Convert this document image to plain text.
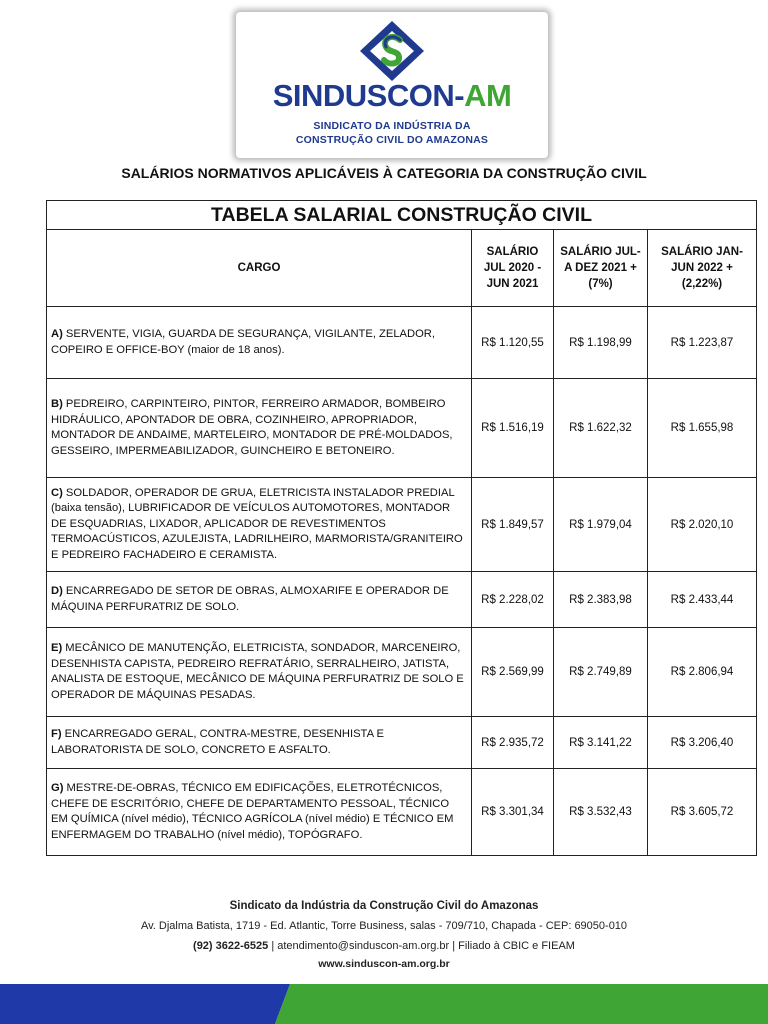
SINDUSCON-AM
SINDICATO DA INDÚSTRIA DA
CONSTRUÇÃO CIVIL DO AMAZONAS
SALÁRIOS NORMATIVOS APLICÁVEIS À CATEGORIA DA CONSTRUÇÃO CIVIL
TABELA SALARIAL CONSTRUÇÃO CIVIL			
CARGO	SALÁRIO JUL 2020 - JUN 2021	SALÁRIO JUL-A DEZ 2021 + (7%)	SALÁRIO JAN-JUN 2022 + (2,22%)
A) SERVENTE, VIGIA, GUARDA DE SEGURANÇA, VIGILANTE, ZELADOR, COPEIRO E OFFICE-BOY (maior de 18 anos).	R$ 1.120,55	R$ 1.198,99	R$ 1.223,87
B) PEDREIRO, CARPINTEIRO, PINTOR, FERREIRO ARMADOR, BOMBEIRO HIDRÁULICO, APONTADOR DE OBRA, COZINHEIRO, APROPRIADOR, MONTADOR DE ANDAIME, MARTELEIRO, MONTADOR DE PRÉ-MOLDADOS, GESSEIRO, IMPERMEABILIZADOR, GUINCHEIRO E BETONEIRO.	R$ 1.516,19	R$ 1.622,32	R$ 1.655,98
C) SOLDADOR, OPERADOR DE GRUA, ELETRICISTA INSTALADOR PREDIAL (baixa tensão), LUBRIFICADOR DE VEÍCULOS AUTOMOTORES, MONTADOR DE ESQUADRIAS, LIXADOR, APLICADOR DE REVESTIMENTOS TERMOACÚSTICOS, AZULEJISTA, LADRILHEIRO, MARMORISTA/GRANITEIRO E PEDREIRO FACHADEIRO E CERAMISTA.	R$ 1.849,57	R$ 1.979,04	R$ 2.020,10
D) ENCARREGADO DE SETOR DE OBRAS, ALMOXARIFE E OPERADOR DE MÁQUINA PERFURATRIZ DE SOLO.	R$ 2.228,02	R$ 2.383,98	R$ 2.433,44
E) MECÂNICO DE MANUTENÇÃO, ELETRICISTA, SONDADOR, MARCENEIRO, DESENHISTA CAPISTA, PEDREIRO REFRATÁRIO, SERRALHEIRO, JATISTA, ANALISTA DE ESTOQUE, MECÂNICO DE MÁQUINA PERFURATRIZ DE SOLO E OPERADOR DE MÁQUINAS PESADAS.	R$ 2.569,99	R$ 2.749,89	R$ 2.806,94
F) ENCARREGADO GERAL, CONTRA-MESTRE, DESENHISTA E LABORATORISTA DE SOLO, CONCRETO E ASFALTO.	R$ 2.935,72	R$ 3.141,22	R$ 3.206,40
G) MESTRE-DE-OBRAS, TÉCNICO EM EDIFICAÇÕES, ELETROTÉCNICOS, CHEFE DE ESCRITÓRIO, CHEFE DE DEPARTAMENTO PESSOAL, TÉCNICO EM QUÍMICA (nível médio), TÉCNICO AGRÍCOLA (nível médio) E TÉCNICO EM ENFERMAGEM DO TRABALHO (nível médio), TOPÓGRAFO.	R$ 3.301,34	R$ 3.532,43	R$ 3.605,72
Sindicato da Indústria da Construção Civil do Amazonas
Av. Djalma Batista, 1719 - Ed. Atlantic, Torre Business, salas - 709/710, Chapada - CEP: 69050-010
(92) 3622-6525 | atendimento@sinduscon-am.org.br | Filiado à CBIC e FIEAM
www.sinduscon-am.org.br
